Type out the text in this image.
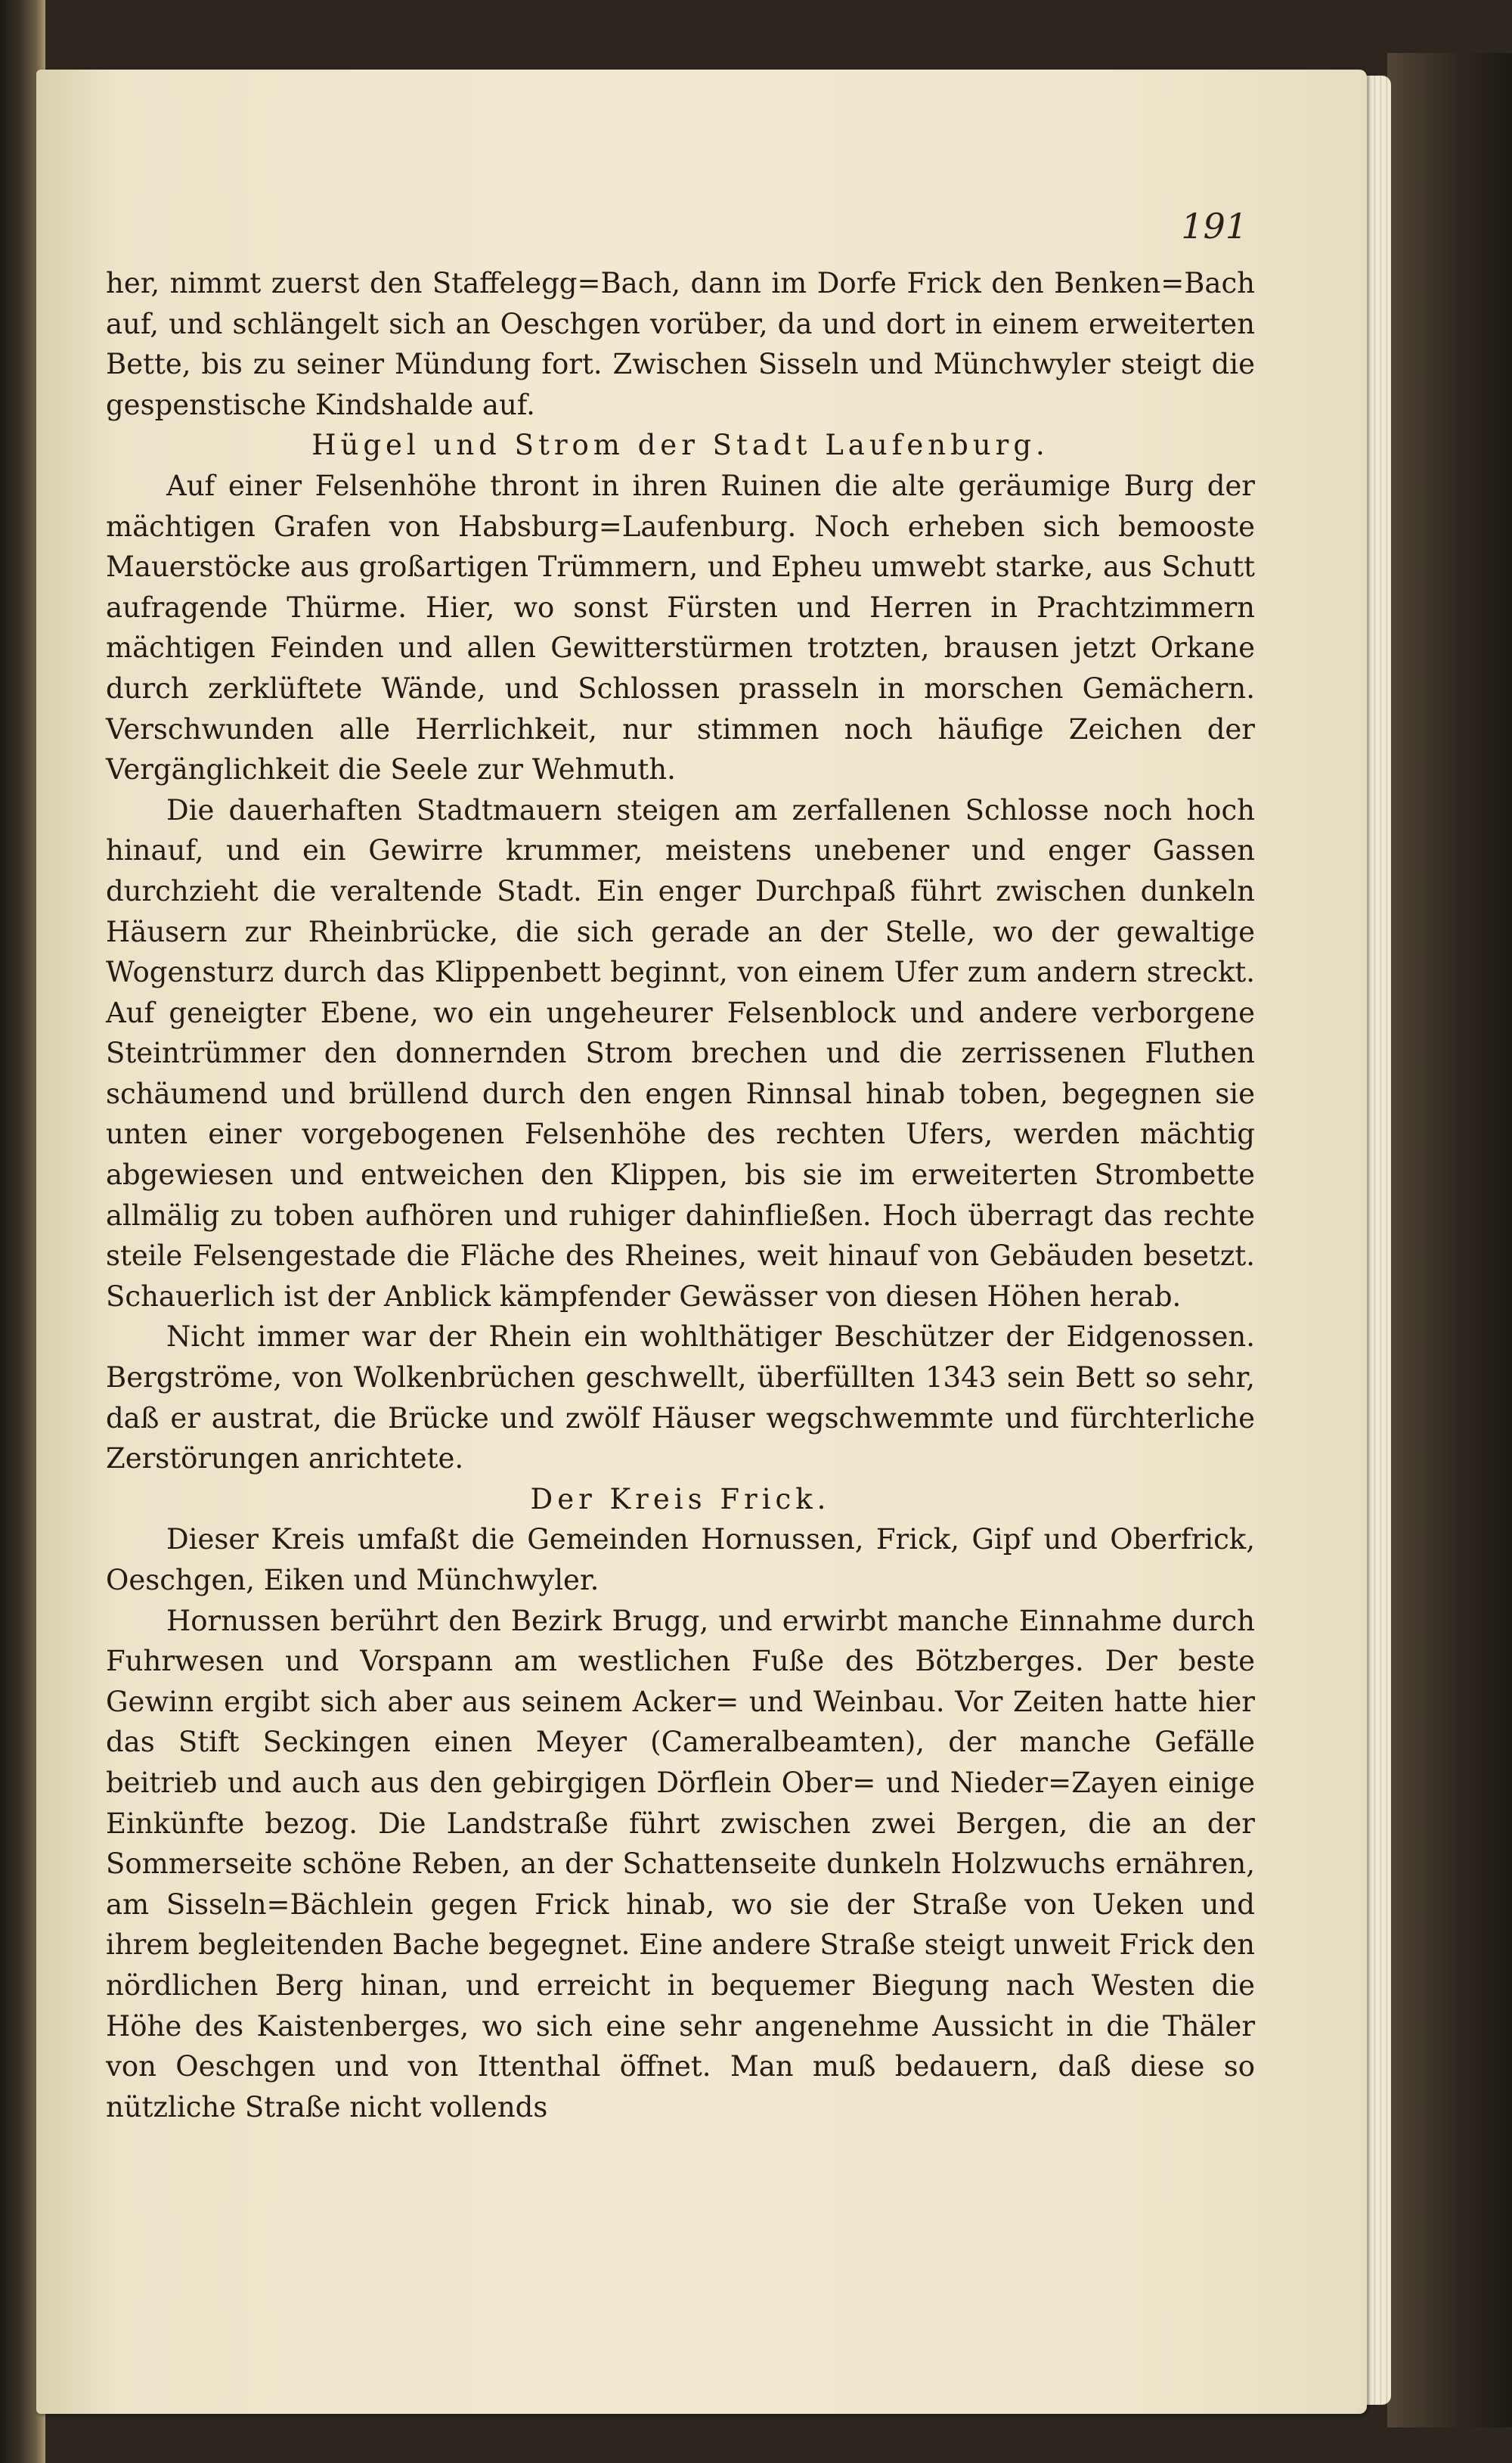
191

her, nimmt zuerst den Staffelegg=Bach, dann im Dorfe Frick den Benken=Bach auf, und schlängelt sich an Oeschgen vorüber, da und dort in einem erweiterten Bette, bis zu seiner Mündung fort. Zwischen Sisseln und Münchwyler steigt die gespenstische Kindshalde auf.

Hügel und Strom der Stadt Laufenburg.

Auf einer Felsenhöhe thront in ihren Ruinen die alte geräumige Burg der mächtigen Grafen von Habsburg=Laufenburg. Noch erheben sich bemooste Mauerstöcke aus großartigen Trümmern, und Epheu umwebt starke, aus Schutt aufragende Thürme. Hier, wo sonst Fürsten und Herren in Prachtzimmern mächtigen Feinden und allen Gewitterstürmen trotzten, brausen jetzt Orkane durch zerklüftete Wände, und Schlossen prasseln in morschen Gemächern. Verschwunden alle Herrlichkeit, nur stimmen noch häufige Zeichen der Vergänglichkeit die Seele zur Wehmuth.

Die dauerhaften Stadtmauern steigen am zerfallenen Schlosse noch hoch hinauf, und ein Gewirre krummer, meistens unebener und enger Gassen durchzieht die veraltende Stadt. Ein enger Durchpaß führt zwischen dunkeln Häusern zur Rheinbrücke, die sich gerade an der Stelle, wo der gewaltige Wogensturz durch das Klippenbett beginnt, von einem Ufer zum andern streckt. Auf geneigter Ebene, wo ein ungeheurer Felsenblock und andere verborgene Steintrümmer den donnernden Strom brechen und die zerrissenen Fluthen schäumend und brüllend durch den engen Rinnsal hinab toben, begegnen sie unten einer vorgebogenen Felsenhöhe des rechten Ufers, werden mächtig abgewiesen und entweichen den Klippen, bis sie im erweiterten Strombette allmälig zu toben aufhören und ruhiger dahinfließen. Hoch überragt das rechte steile Felsengestade die Fläche des Rheines, weit hinauf von Gebäuden besetzt. Schauerlich ist der Anblick kämpfender Gewässer von diesen Höhen herab.

Nicht immer war der Rhein ein wohlthätiger Beschützer der Eidgenossen. Bergströme, von Wolkenbrüchen geschwellt, überfüllten 1343 sein Bett so sehr, daß er austrat, die Brücke und zwölf Häuser wegschwemmte und fürchterliche Zerstörungen anrichtete.

Der Kreis Frick.

Dieser Kreis umfaßt die Gemeinden Hornussen, Frick, Gipf und Oberfrick, Oeschgen, Eiken und Münchwyler.

Hornussen berührt den Bezirk Brugg, und erwirbt manche Einnahme durch Fuhrwesen und Vorspann am westlichen Fuße des Bötzberges. Der beste Gewinn ergibt sich aber aus seinem Acker= und Weinbau. Vor Zeiten hatte hier das Stift Seckingen einen Meyer (Cameralbeamten), der manche Gefälle beitrieb und auch aus den gebirgigen Dörflein Ober= und Nieder=Zayen einige Einkünfte bezog. Die Landstraße führt zwischen zwei Bergen, die an der Sommerseite schöne Reben, an der Schattenseite dunkeln Holzwuchs ernähren, am Sisseln=Bächlein gegen Frick hinab, wo sie der Straße von Ueken und ihrem begleitenden Bache begegnet. Eine andere Straße steigt unweit Frick den nördlichen Berg hinan, und erreicht in bequemer Biegung nach Westen die Höhe des Kaistenberges, wo sich eine sehr angenehme Aussicht in die Thäler von Oeschgen und von Ittenthal öffnet. Man muß bedauern, daß diese so nützliche Straße nicht vollends
